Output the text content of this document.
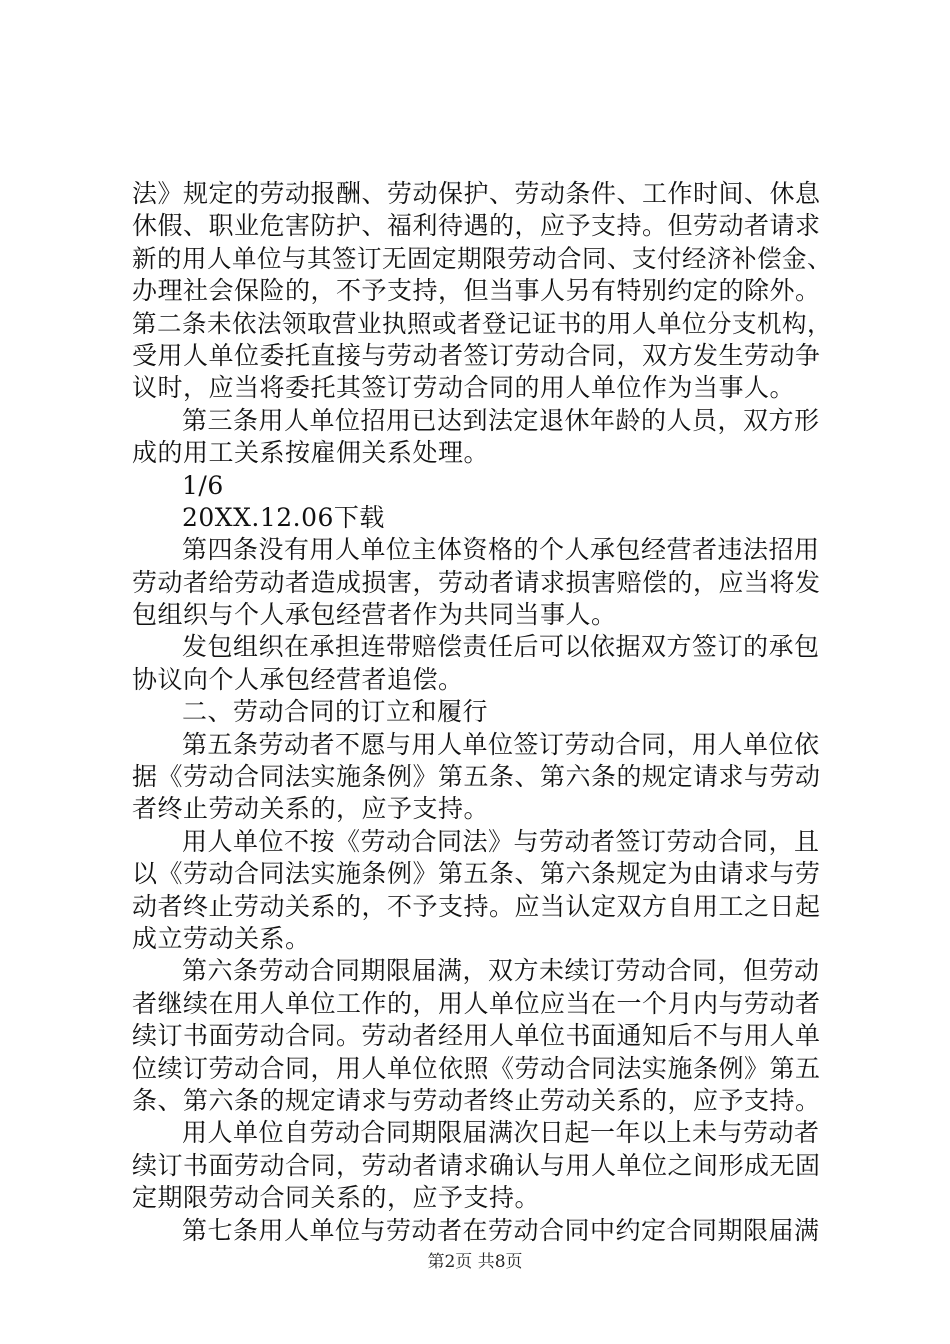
法》规定的劳动报酬、劳动保护、劳动条件、工作时间、休息
休假、职业危害防护、福利待遇的，应予支持。但劳动者请求
新的用人单位与其签订无固定期限劳动合同、支付经济补偿金、
办理社会保险的，不予支持，但当事人另有特别约定的除外。
第二条未依法领取营业执照或者登记证书的用人单位分支机构，
受用人单位委托直接与劳动者签订劳动合同，双方发生劳动争
议时，应当将委托其签订劳动合同的用人单位作为当事人。
第三条用人单位招用已达到法定退休年龄的人员，双方形
成的用工关系按雇佣关系处理。
1/6
20XX.12.06下载
第四条没有用人单位主体资格的个人承包经营者违法招用
劳动者给劳动者造成损害，劳动者请求损害赔偿的，应当将发
包组织与个人承包经营者作为共同当事人。
发包组织在承担连带赔偿责任后可以依据双方签订的承包
协议向个人承包经营者追偿。
二、劳动合同的订立和履行
第五条劳动者不愿与用人单位签订劳动合同，用人单位依
据《劳动合同法实施条例》第五条、第六条的规定请求与劳动
者终止劳动关系的，应予支持。
用人单位不按《劳动合同法》与劳动者签订劳动合同，且
以《劳动合同法实施条例》第五条、第六条规定为由请求与劳
动者终止劳动关系的，不予支持。应当认定双方自用工之日起
成立劳动关系。
第六条劳动合同期限届满，双方未续订劳动合同，但劳动
者继续在用人单位工作的，用人单位应当在一个月内与劳动者
续订书面劳动合同。劳动者经用人单位书面通知后不与用人单
位续订劳动合同，用人单位依照《劳动合同法实施条例》第五
条、第六条的规定请求与劳动者终止劳动关系的，应予支持。
用人单位自劳动合同期限届满次日起一年以上未与劳动者
续订书面劳动合同，劳动者请求确认与用人单位之间形成无固
定期限劳动合同关系的，应予支持。
第七条用人单位与劳动者在劳动合同中约定合同期限届满
第2页 共8页
